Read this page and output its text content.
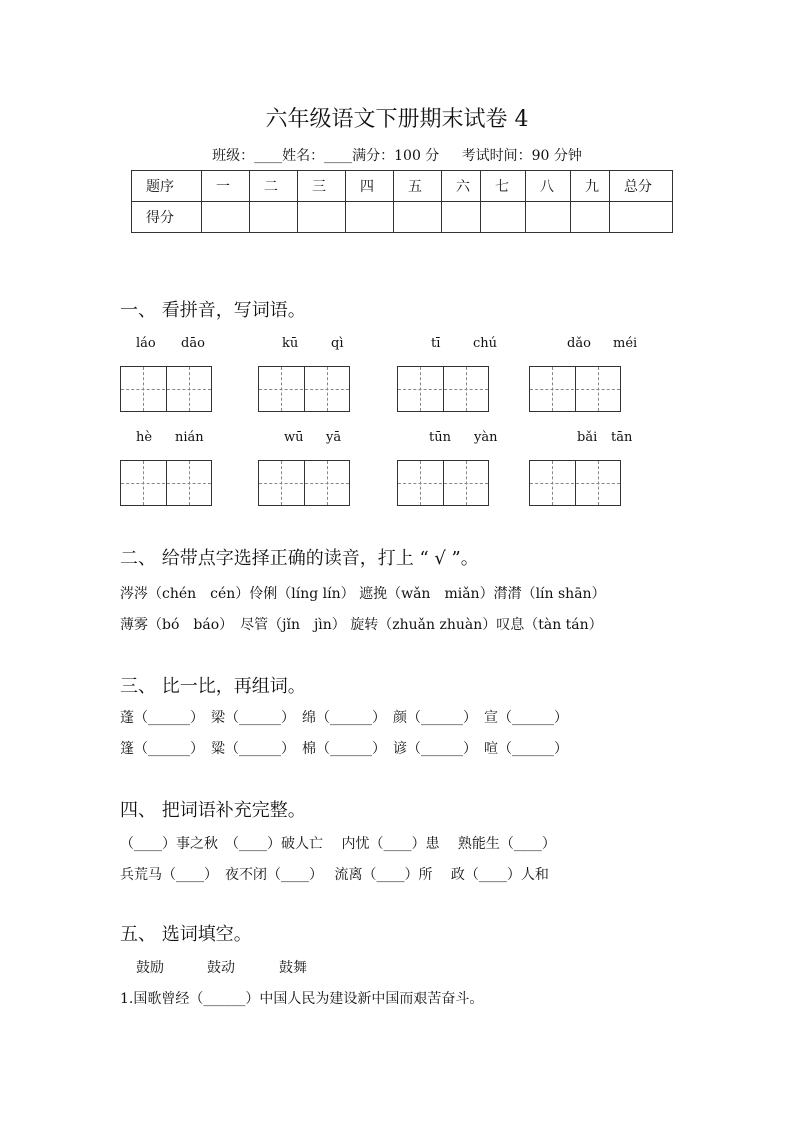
六年级语文下册期末试卷 4
班级：____姓名：____满分：100 分 考试时间：90 分钟
题序	一	二	三	四	五	六	七	八	九	总分
得分										
一、 看拼音，写词语。
láo dāo	kū	qì	tī	chú	dǎo méi
hè nián	wū yā	tūn yàn	bǎi tān
二、 给带点字选择正确的读音，打上 “ √ ”。
涔涔（chén　cén）伶俐（líng lín） 遮挽（wǎn　miǎn）潸潸（lín shān）
薄雾（bó　báo）　尽管（jǐn　jìn） 旋转（zhuǎn zhuàn）叹息（tàn tán）
三、 比一比，再组词。
蓬（______）　梁（______）　绵（______）　颜（______）　宣（______）
篷（______）　粱（______）　棉（______）　谚（______）　喧（______）
四、 把词语补充完整。
（____）事之秋　（____）破人亡　 内忧（____）患　 熟能生（____）
兵荒马（____）　夜不闭（____）　 流离（____）所　 政（____）人和
五、 选词填空。
鼓励	鼓动	鼓舞
1.国歌曾经（______）中国人民为建设新中国而艰苦奋斗。
